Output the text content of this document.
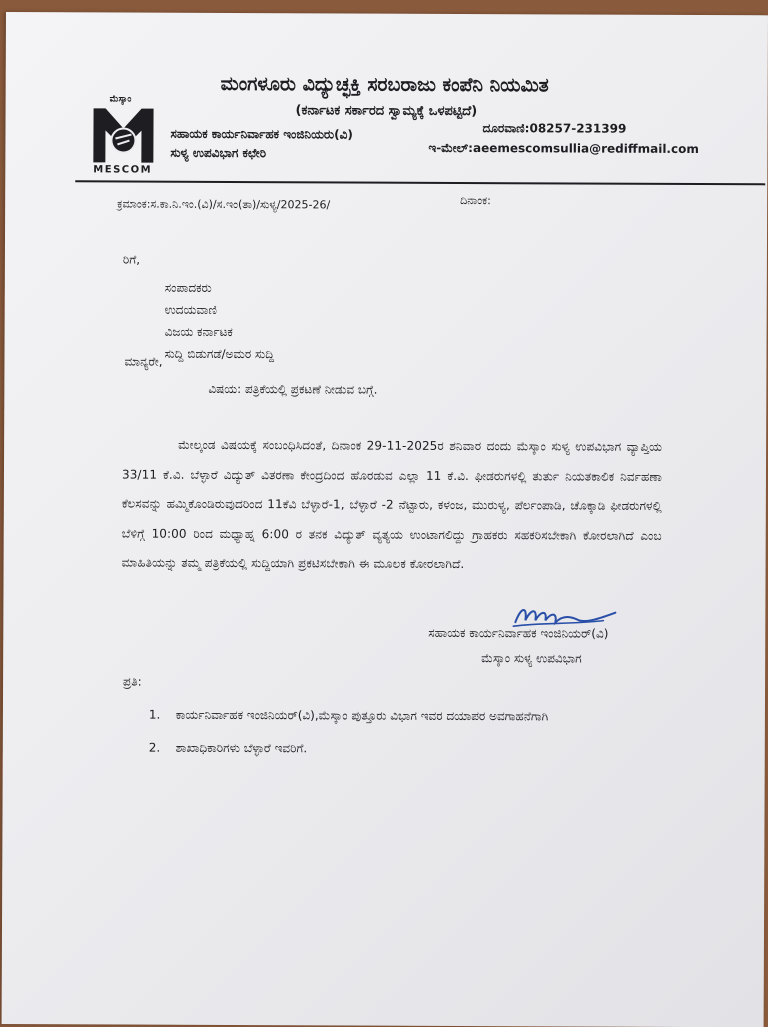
ಮೆಸ್ಕಾಂ
MESCOM
ಮಂಗಳೂರು ವಿದ್ಯುಚ್ಛಕ್ತಿ ಸರಬರಾಜು ಕಂಪೆನಿ ನಿಯಮಿತ
(ಕರ್ನಾಟಕ ಸರ್ಕಾರದ ಸ್ವಾಮ್ಯಕ್ಕೆ ಒಳಪಟ್ಟಿದೆ)
ಸಹಾಯಕ ಕಾರ್ಯನಿರ್ವಾಹಕ ಇಂಜಿನಿಯರು(ವಿ)
ಸುಳ್ಯ ಉಪವಿಭಾಗ ಕಛೇರಿ
ದೂರವಾಣಿ:08257-231399
ಇ-ಮೇಲ್:aeemescomsullia@rediffmail.com
ಕ್ರಮಾಂಕ:ಸ.ಕಾ.ನಿ.ಇಂ.(ವಿ)/ಸ.ಇಂ(ತಾ)/ಸುಳ್ಯ/2025-26/	ದಿನಾಂಕ:
ರಿಗೆ,
ಸಂಪಾದಕರು
ಉದಯವಾಣಿ
ವಿಜಯ ಕರ್ನಾಟಕ
ಸುದ್ದಿ ಬಿಡುಗಡೆ/ಅಮರ ಸುದ್ದಿ
ಮಾನ್ಯರೇ,
ವಿಷಯ: ಪತ್ರಿಕೆಯಲ್ಲಿ ಪ್ರಕಟಣೆ ನೀಡುವ ಬಗ್ಗೆ.
ಮೇಲ್ಕಂಡ ವಿಷಯಕ್ಕೆ ಸಂಬಂಧಿಸಿದಂತೆ, ದಿನಾಂಕ 29-11-2025ರ ಶನಿವಾರ ದಂದು ಮೆಸ್ಕಾಂ ಸುಳ್ಯ ಉಪವಿಭಾಗ ವ್ಯಾಪ್ತಿಯ 33/11 ಕೆ.ವಿ. ಬೆಳ್ಳಾರೆ ವಿದ್ಯುತ್ ವಿತರಣಾ ಕೇಂದ್ರದಿಂದ ಹೊರಡುವ ಎಲ್ಲಾ 11 ಕೆ.ವಿ. ಫೀಡರುಗಳಲ್ಲಿ ತುರ್ತು ನಿಯತಕಾಲಿಕ ನಿರ್ವಹಣಾ ಕೆಲಸವನ್ನು ಹಮ್ಮಿಕೊಂಡಿರುವುದರಿಂದ 11ಕೆವಿ ಬೆಳ್ಳಾರೆ-1, ಬೆಳ್ಳಾರೆ -2 ನೆಟ್ಟಾರು, ಕಳಂಜ, ಮುರುಳ್ಯ, ಪೆರ್ಲಂಪಾಡಿ, ಚೊಕ್ಕಾಡಿ ಫೀಡರುಗಳಲ್ಲಿ ಬೆಳಿಗ್ಗೆ 10:00 ರಿಂದ ಮಧ್ಯಾಹ್ನ 6:00 ರ ತನಕ ವಿದ್ಯುತ್ ವ್ಯತ್ಯಯ ಉಂಟಾಗಲಿದ್ದು ಗ್ರಾಹಕರು ಸಹಕರಿಸಬೇಕಾಗಿ ಕೋರಲಾಗಿದೆ ಎಂಬ ಮಾಹಿತಿಯನ್ನು ತಮ್ಮ ಪತ್ರಿಕೆಯಲ್ಲಿ ಸುದ್ದಿಯಾಗಿ ಪ್ರಕಟಿಸಬೇಕಾಗಿ ಈ ಮೂಲಕ ಕೋರಲಾಗಿದೆ.
ಸಹಾಯಕ ಕಾರ್ಯನಿರ್ವಾಹಕ ಇಂಜಿನಿಯರ್(ವಿ)
ಮೆಸ್ಕಾಂ ಸುಳ್ಯ ಉಪವಿಭಾಗ
ಪ್ರತಿ:
1. ಕಾರ್ಯನಿರ್ವಾಹಕ ಇಂಜಿನಿಯರ್(ವಿ),ಮೆಸ್ಕಾಂ ಪುತ್ತೂರು ವಿಭಾಗ ಇವರ ದಯಾಪರ ಅವಗಾಹನೆಗಾಗಿ
2. ಶಾಖಾಧಿಕಾರಿಗಳು ಬೆಳ್ಳಾರೆ ಇವರಿಗೆ.
